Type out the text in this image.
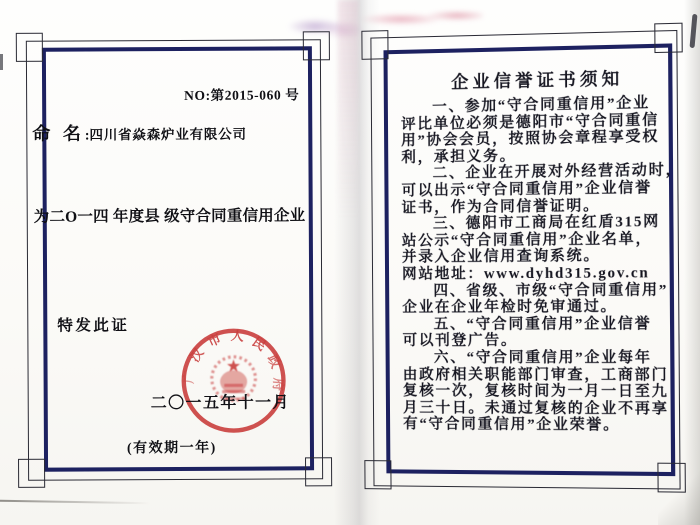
NO:第2015-060 号
命 名:四川省焱森炉业有限公司
为二O一四 年度县 级守合同重信用企业
特发此证
广
汉
市 人 民
政
府
二〇一五年十一月
(有效期一年)
企业信誉证书须知
一、参加“守合同重信用”企业
评比单位必须是德阳市“守合同重信
用”协会会员，按照协会章程享受权
利，承担义务。
二、企业在开展对外经营活动时，
可以出示“守合同重信用”企业信誉
证书，作为合同信誉证明。
三、德阳市工商局在红盾315网
站公示“守合同重信用”企业名单，
并录入企业信用查询系统。
网站地址：www.dyhd315.gov.cn
四、省级、市级“守合同重信用”
企业在企业年检时免审通过。
五、“守合同重信用”企业信誉
可以刊登广告。
六、“守合同重信用”企业每年
由政府相关职能部门审查，工商部门
复核一次，复核时间为一月一日至九
月三十日。未通过复核的企业不再享
有“守合同重信用”企业荣誉。
